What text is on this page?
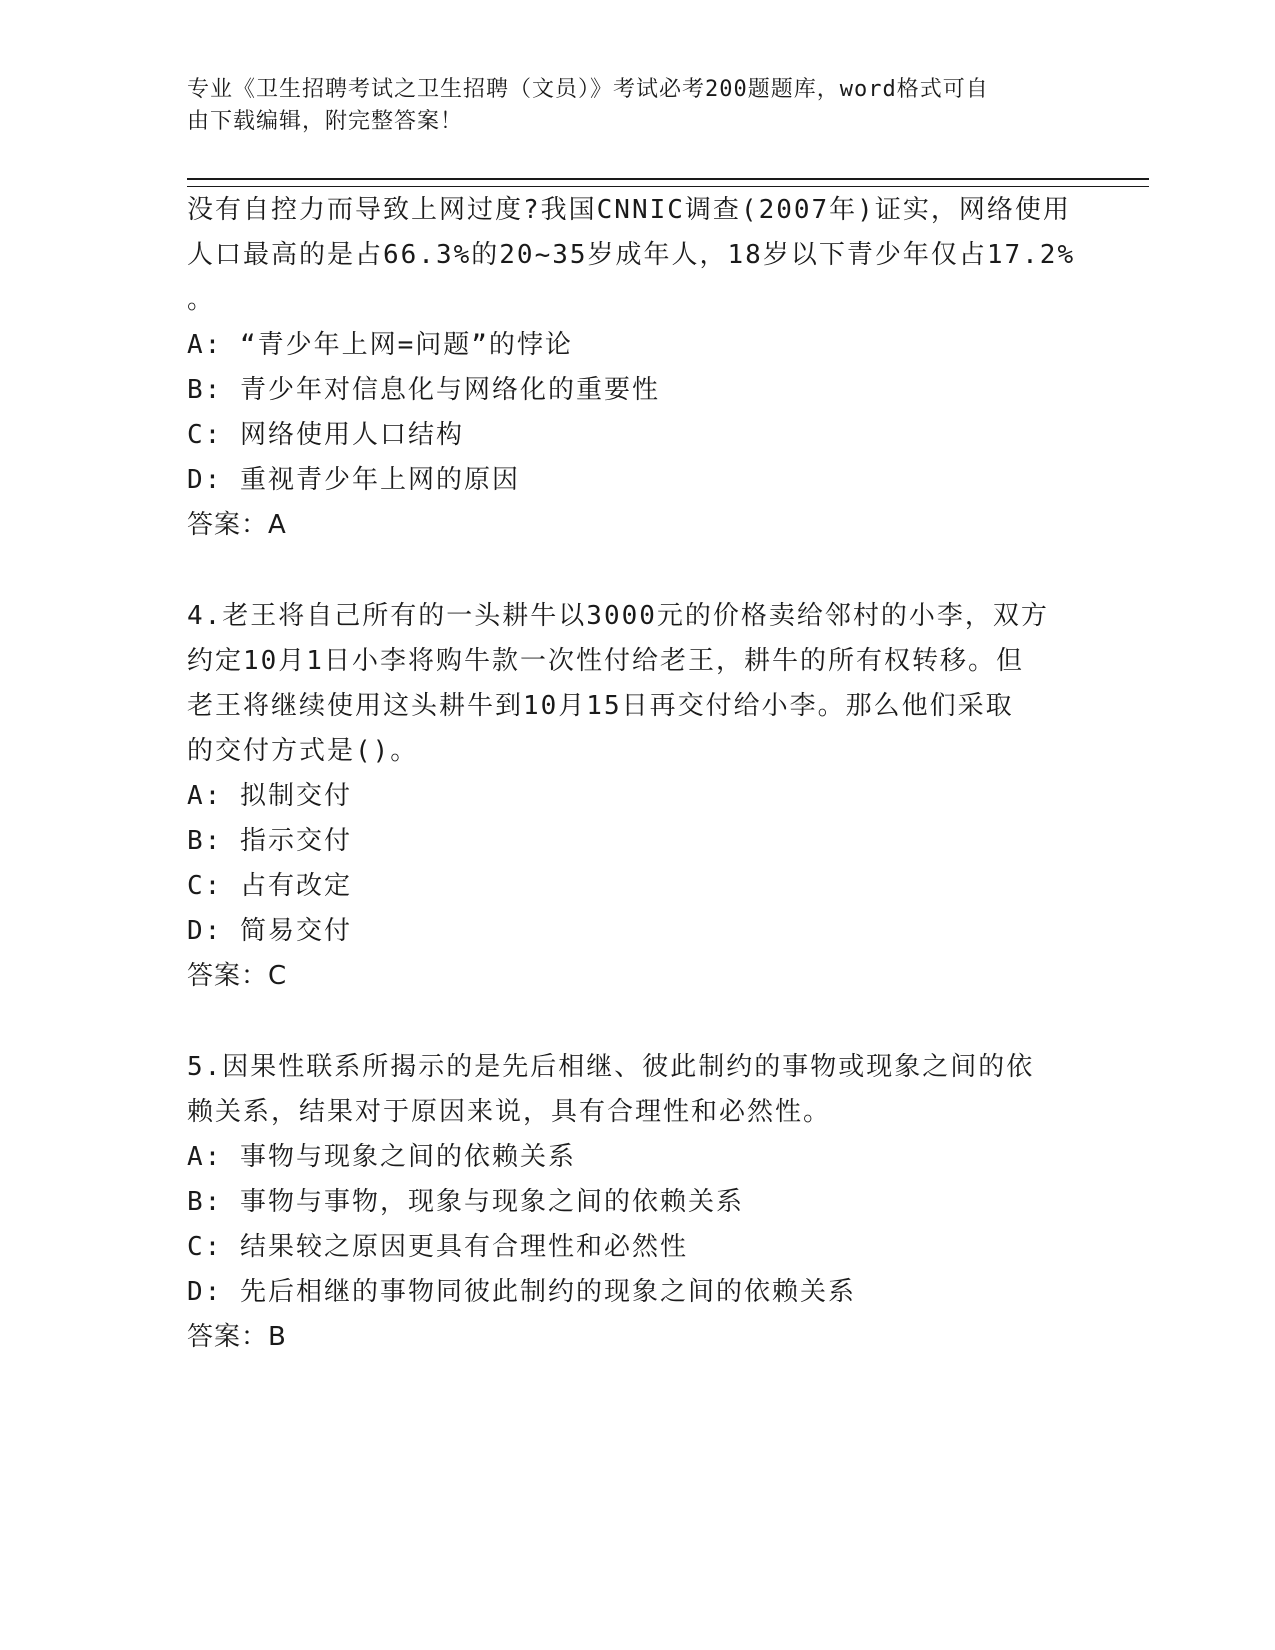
专业《卫生招聘考试之卫生招聘（文员）》考试必考200题题库，word格式可自
由下载编辑，附完整答案！
没有自控力而导致上网过度?我国CNNIC调查(2007年)证实，网络使用
人口最高的是占66.3%的20~35岁成年人，18岁以下青少年仅占17.2%
。
A: “青少年上网=问题”的悖论
B: 青少年对信息化与网络化的重要性
C: 网络使用人口结构
D: 重视青少年上网的原因
答案：A
4.老王将自己所有的一头耕牛以3000元的价格卖给邻村的小李，双方
约定10月1日小李将购牛款一次性付给老王，耕牛的所有权转移。但
老王将继续使用这头耕牛到10月15日再交付给小李。那么他们采取
的交付方式是()。
A: 拟制交付
B: 指示交付
C: 占有改定
D: 简易交付
答案：C
5.因果性联系所揭示的是先后相继、彼此制约的事物或现象之间的依
赖关系，结果对于原因来说，具有合理性和必然性。
A: 事物与现象之间的依赖关系
B: 事物与事物，现象与现象之间的依赖关系
C: 结果较之原因更具有合理性和必然性
D: 先后相继的事物同彼此制约的现象之间的依赖关系
答案：B
